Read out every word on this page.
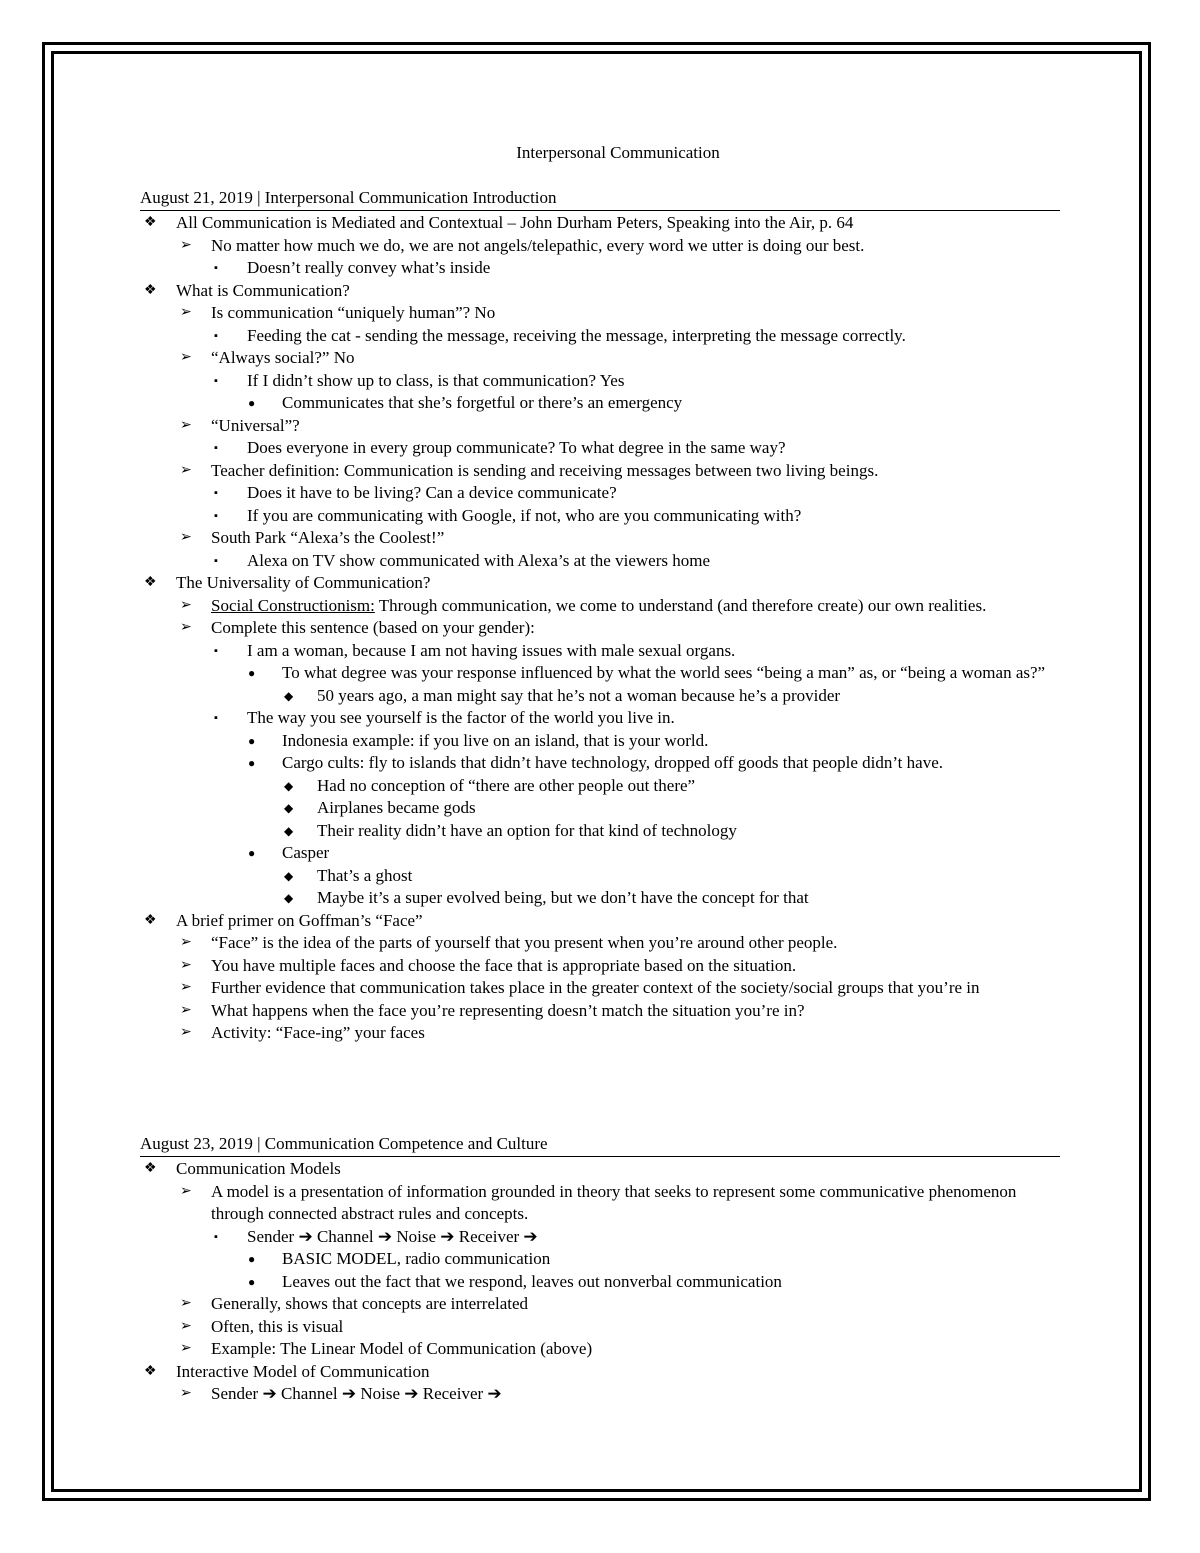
Interpersonal Communication
August 21, 2019 | Interpersonal Communication Introduction
❖ All Communication is Mediated and Contextual – John Durham Peters, Speaking into the Air, p. 64
➢ No matter how much we do, we are not angels/telepathic, every word we utter is doing our best.
▪ Doesn’t really convey what’s inside
❖ What is Communication?
➢ Is communication “uniquely human”? No
▪ Feeding the cat - sending the message, receiving the message, interpreting the message correctly.
➢ “Always social?” No
▪ If I didn’t show up to class, is that communication? Yes
● Communicates that she’s forgetful or there’s an emergency
➢ “Universal”?
▪ Does everyone in every group communicate? To what degree in the same way?
➢ Teacher definition: Communication is sending and receiving messages between two living beings.
▪ Does it have to be living? Can a device communicate?
▪ If you are communicating with Google, if not, who are you communicating with?
➢ South Park “Alexa’s the Coolest!”
▪ Alexa on TV show communicated with Alexa’s at the viewers home
❖ The Universality of Communication?
➢ Social Constructionism: Through communication, we come to understand (and therefore create) our own realities.
➢ Complete this sentence (based on your gender):
▪ I am a woman, because I am not having issues with male sexual organs.
● To what degree was your response influenced by what the world sees “being a man” as, or “being a woman as?”
◆ 50 years ago, a man might say that he’s not a woman because he’s a provider
▪ The way you see yourself is the factor of the world you live in.
● Indonesia example: if you live on an island, that is your world.
● Cargo cults: fly to islands that didn’t have technology, dropped off goods that people didn’t have.
◆ Had no conception of “there are other people out there”
◆ Airplanes became gods
◆ Their reality didn’t have an option for that kind of technology
● Casper
◆ That’s a ghost
◆ Maybe it’s a super evolved being, but we don’t have the concept for that
❖ A brief primer on Goffman’s “Face”
➢ “Face” is the idea of the parts of yourself that you present when you’re around other people.
➢ You have multiple faces and choose the face that is appropriate based on the situation.
➢ Further evidence that communication takes place in the greater context of the society/social groups that you’re in
➢ What happens when the face you’re representing doesn’t match the situation you’re in?
➢ Activity: “Face-ing” your faces
August 23, 2019 | Communication Competence and Culture
❖ Communication Models
➢ A model is a presentation of information grounded in theory that seeks to represent some communicative phenomenon through connected abstract rules and concepts.
▪ Sender ➔ Channel ➔ Noise ➔ Receiver ➔
● BASIC MODEL, radio communication
● Leaves out the fact that we respond, leaves out nonverbal communication
➢ Generally, shows that concepts are interrelated
➢ Often, this is visual
➢ Example: The Linear Model of Communication (above)
❖ Interactive Model of Communication
➢ Sender ➔ Channel ➔ Noise ➔ Receiver ➔
